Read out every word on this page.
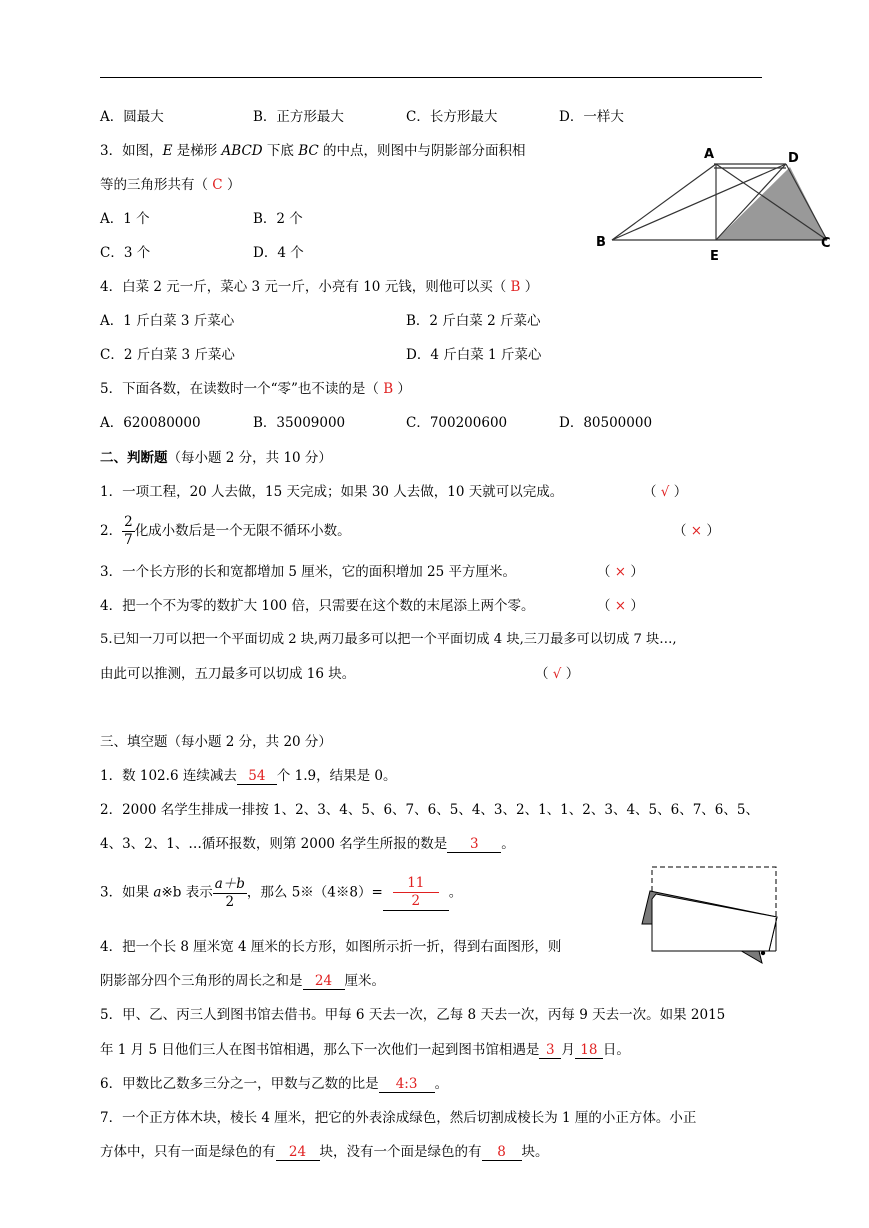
A．圆最大	B．正方形最大	C．长方形最大	D．一样大
3．如图，E 是梯形 ABCD 下底 BC 的中点，则图中与阴影部分面积相
等的三角形共有（ C ）
A．1 个	B．2 个
C．3 个	D．4 个
A	D
B
E
C
4．白菜 2 元一斤，菜心 3 元一斤，小亮有 10 元钱，则他可以买（ B ）
A．1 斤白菜 3 斤菜心	B．2 斤白菜 2 斤菜心
C．2 斤白菜 3 斤菜心	D．4 斤白菜 1 斤菜心
5．下面各数，在读数时一个“零”也不读的是（ B ）
A．620080000	B．35009000	C．700200600	D．80500000
二、判断题（每小题 2 分，共 10 分）
1．一项工程，20 人去做，15 天完成；如果 30 人去做，10 天就可以完成。	（ √ ）
2． $\frac{2}{7}$ 化成小数后是一个无限不循环小数。	（ × ）
3．一个长方形的长和宽都增加 5 厘米，它的面积增加 25 平方厘米。	（ × ）
4．把一个不为零的数扩大 100 倍，只需要在这个数的末尾添上两个零。	（ × ）
5.已知一刀可以把一个平面切成 2 块,两刀最多可以把一个平面切成 4 块,三刀最多可以切成 7 块…,
由此可以推测，五刀最多可以切成 16 块。	（ √ ）
三、填空题（每小题 2 分，共 20 分）
1．数 102.6 连续减去 54 个 1.9，结果是 0。
2．2000 名学生排成一排按 1、2、3、4、5、6、7、6、5、4、3、2、1、1、2、3、4、5、6、7、6、5、
4、3、2、1、…循环报数，则第 2000 名学生所报的数是 3 。
3．如果 a※b 表示 $\frac{a+b}{2}$ ，那么 5※（4※8）= $\frac{11}{2}$ 。
4．把一个长 8 厘米宽 4 厘米的长方形，如图所示折一折，得到右面图形，则
阴影部分四个三角形的周长之和是 24 厘米。
5．甲、乙、丙三人到图书馆去借书。甲每 6 天去一次，乙每 8 天去一次，丙每 9 天去一次。如果 2015
年 1 月 5 日他们三人在图书馆相遇，那么下一次他们一起到图书馆相遇是 3 月 18 日。
6．甲数比乙数多三分之一，甲数与乙数的比是 4:3 。
7．一个正方体木块，棱长 4 厘米，把它的外表涂成绿色，然后切割成棱长为 1 厘的小正方体。小正
方体中，只有一面是绿色的有 24 块，没有一个面是绿色的有 8 块。
